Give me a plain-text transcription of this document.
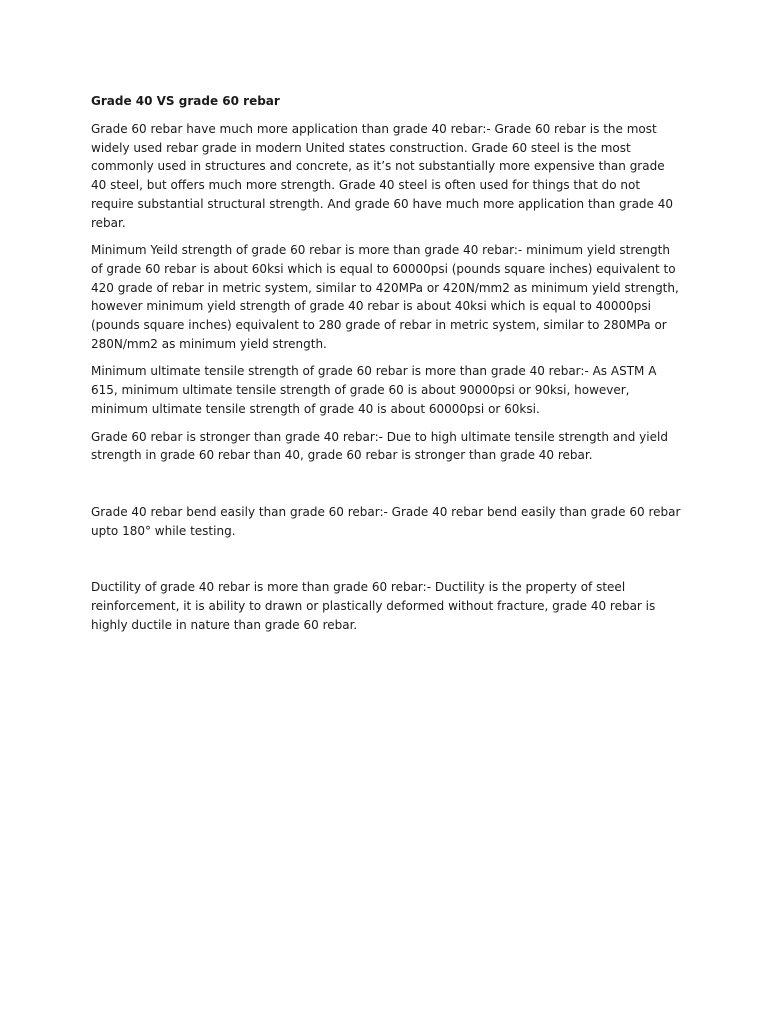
Grade 40 VS grade 60 rebar

Grade 60 rebar have much more application than grade 40 rebar:- Grade 60 rebar is the most widely used rebar grade in modern United states construction. Grade 60 steel is the most commonly used in structures and concrete, as it’s not substantially more expensive than grade 40 steel, but offers much more strength. Grade 40 steel is often used for things that do not require substantial structural strength. And grade 60 have much more application than grade 40 rebar.

Minimum Yeild strength of grade 60 rebar is more than grade 40 rebar:- minimum yield strength of grade 60 rebar is about 60ksi which is equal to 60000psi (pounds square inches) equivalent to 420 grade of rebar in metric system, similar to 420MPa or 420N/mm2 as minimum yield strength, however minimum yield strength of grade 40 rebar is about 40ksi which is equal to 40000psi (pounds square inches) equivalent to 280 grade of rebar in metric system, similar to 280MPa or 280N/mm2 as minimum yield strength.

Minimum ultimate tensile strength of grade 60 rebar is more than grade 40 rebar:- As ASTM A 615, minimum ultimate tensile strength of grade 60 is about 90000psi or 90ksi, however, minimum ultimate tensile strength of grade 40 is about 60000psi or 60ksi.

Grade 60 rebar is stronger than grade 40 rebar:- Due to high ultimate tensile strength and yield strength in grade 60 rebar than 40, grade 60 rebar is stronger than grade 40 rebar.

Grade 40 rebar bend easily than grade 60 rebar:- Grade 40 rebar bend easily than grade 60 rebar upto 180° while testing.

Ductility of grade 40 rebar is more than grade 60 rebar:- Ductility is the property of steel reinforcement, it is ability to drawn or plastically deformed without fracture, grade 40 rebar is highly ductile in nature than grade 60 rebar.
